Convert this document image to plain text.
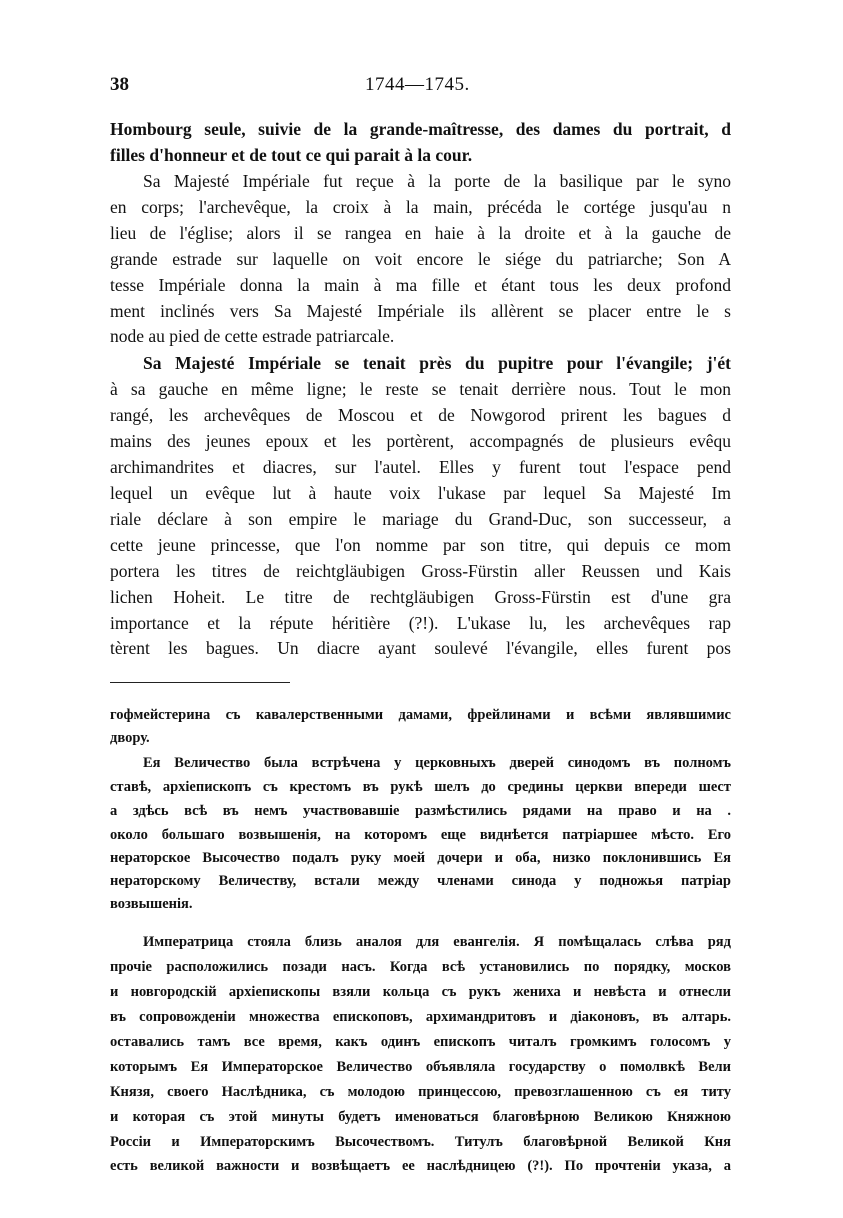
38	1744—1745.
Hombourg seule, suivie de la grande-maîtresse, des dames du portrait, d
filles d'honneur et de tout ce qui parait à la cour.
Sa Majesté Impériale fut reçue à la porte de la basilique par le syno
en corps; l'archevêque, la croix à la main, précéda le cortége jusqu'au n
lieu de l'église; alors il se rangea en haie à la droite et à la gauche de
grande estrade sur laquelle on voit encore le siége du patriarche; Son A
tesse Impériale donna la main à ma fille et étant tous les deux profond
ment inclinés vers Sa Majesté Impériale ils allèrent se placer entre le s
node au pied de cette estrade patriarcale.
Sa Majesté Impériale se tenait près du pupitre pour l'évangile; j'ét
à sa gauche en même ligne; le reste se tenait derrière nous. Tout le mon
rangé, les archevêques de Moscou et de Nowgorod prirent les bagues d
mains des jeunes epoux et les portèrent, accompagnés de plusieurs evêqu
archimandrites et diacres, sur l'autel. Elles y furent tout l'espace pend
lequel un evêque lut à haute voix l'ukase par lequel Sa Majesté Im
riale déclare à son empire le mariage du Grand-Duc, son successeur, a
cette jeune princesse, que l'on nomme par son titre, qui depuis ce mom
portera les titres de reichtgläubigen Gross-Fürstin aller Reussen und Kais
lichen Hoheit. Le titre de rechtgläubigen Gross-Fürstin est d'une gra
importance et la répute héritière (?!). L'ukase lu, les archevêques rap
tèrent les bagues. Un diacre ayant soulevé l'évangile, elles furent pos
гофмейстерина съ кавалерственными дамами, фрейлинами и всѣми являвшимис
двору.
Ея Величество была встрѣчена у церковныхъ дверей синодомъ въ полномъ
ставѣ, архіепископъ съ крестомъ въ рукѣ шелъ до средины церкви впереди шест
а здѣсь всѣ въ немъ участвовавшіе размѣстились рядами на право и на .
около большаго возвышенія, на которомъ еще виднѣется патріаршее мѣсто. Его
нераторское Высочество подалъ руку моей дочери и оба, низко поклонившись Ея
нераторскому Величеству, встали между членами синода у подножья патріар
возвышенія.
Императрица стояла близь аналоя для евангелія. Я помѣщалась слѣва ряд
прочіе расположились позади насъ. Когда всѣ установились по порядку, москов
и новгородскій архіепископы взяли кольца съ рукъ жениха и невѣста и отнесли
въ сопровожденіи множества епископовъ, архимандритовъ и діаконовъ, въ алтарь.
оставались тамъ все время, какъ одинъ епископъ читалъ громкимъ голосомъ у
которымъ Ея Императорское Величество объявляла государству о помолвкѣ Вели
Князя, своего Наслѣдника, съ молодою принцессою, превозглашенною съ ея титу
и которая съ этой минуты будетъ именоваться благовѣрною Великою Княжною
Россіи и Императорскимъ Высочествомъ. Титулъ благовѣрной Великой Кня
есть великой важности и возвѣщаетъ ее наслѣдницею (?!). По прочтеніи указа, а
